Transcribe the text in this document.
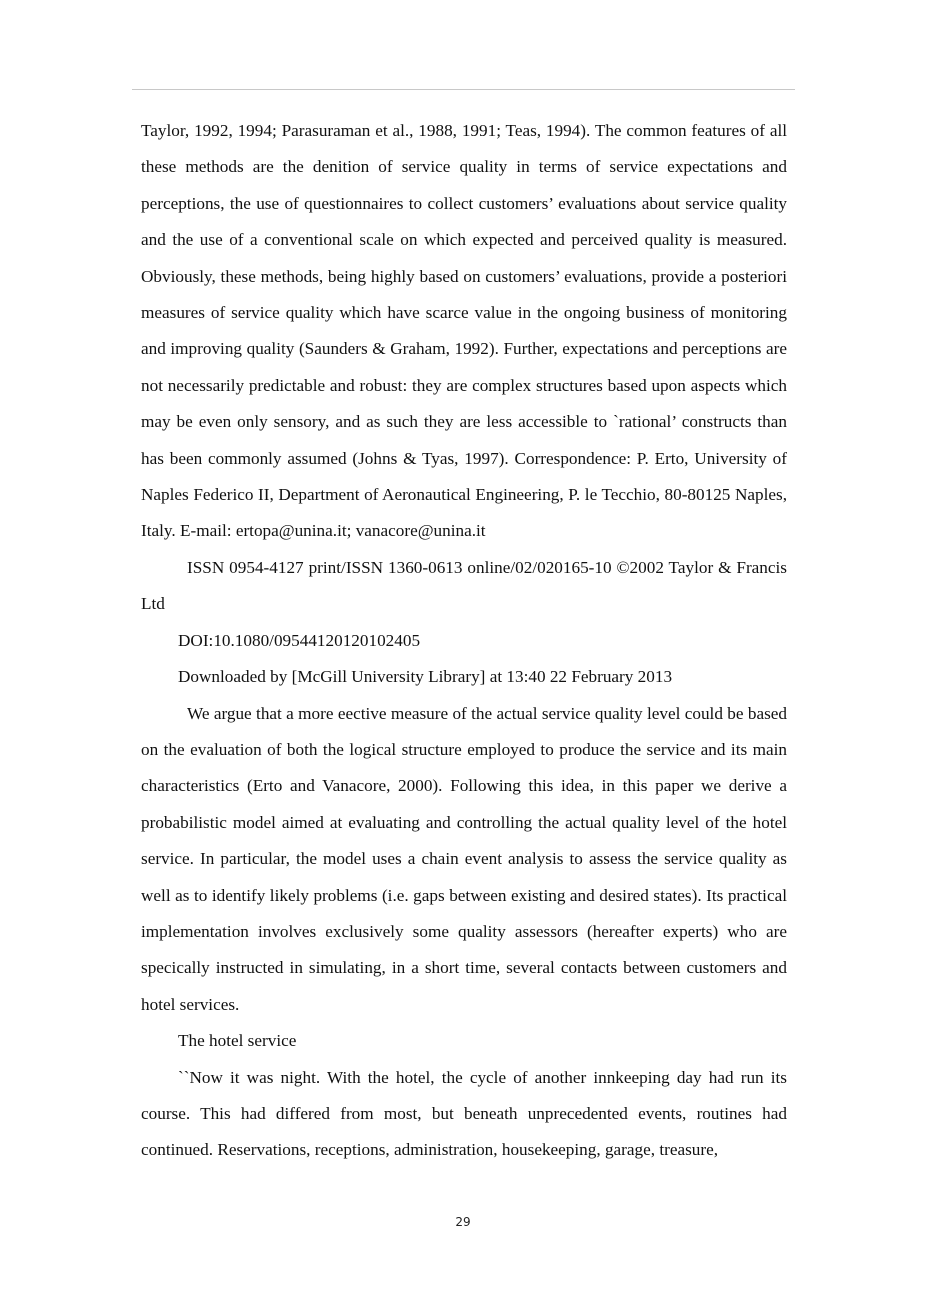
Taylor, 1992, 1994; Parasuraman et al., 1988, 1991; Teas, 1994). The common features of all these methods are the denition of service quality in terms of service expectations and perceptions, the use of questionnaires to collect customers’ evaluations about service quality and the use of a conventional scale on which expected and perceived quality is measured. Obviously, these methods, being highly based on customers’ evaluations, provide a posteriori measures of service quality which have scarce value in the ongoing business of monitoring and improving quality (Saunders & Graham, 1992). Further, expectations and perceptions are not necessarily predictable and robust: they are complex structures based upon aspects which may be even only sensory, and as such they are less accessible to `rational’ constructs than has been commonly assumed (Johns & Tyas, 1997). Correspondence: P. Erto, University of Naples Federico II, Department of Aeronautical Engineering, P. le Tecchio, 80-80125 Naples, Italy. E-mail: ertopa@unina.it; vanacore@unina.it

ISSN 0954-4127 print/ISSN 1360-0613 online/02/020165-10 ©2002 Taylor & Francis Ltd

DOI:10.1080/09544120120102405

Downloaded by [McGill University Library] at 13:40 22 February 2013

We argue that a more eective measure of the actual service quality level could be based on the evaluation of both the logical structure employed to produce the service and its main characteristics (Erto and Vanacore, 2000). Following this idea, in this paper we derive a probabilistic model aimed at evaluating and controlling the actual quality level of the hotel service. In particular, the model uses a chain event analysis to assess the service quality as well as to identify likely problems (i.e. gaps between existing and desired states). Its practical implementation involves exclusively some quality assessors (hereafter experts) who are specically instructed in simulating, in a short time, several contacts between customers and hotel services.

The hotel service

``Now it was night. With the hotel, the cycle of another innkeeping day had run its course. This had differed from most, but beneath unprecedented events, routines had continued. Reservations, receptions, administration, housekeeping, garage, treasure,

29
